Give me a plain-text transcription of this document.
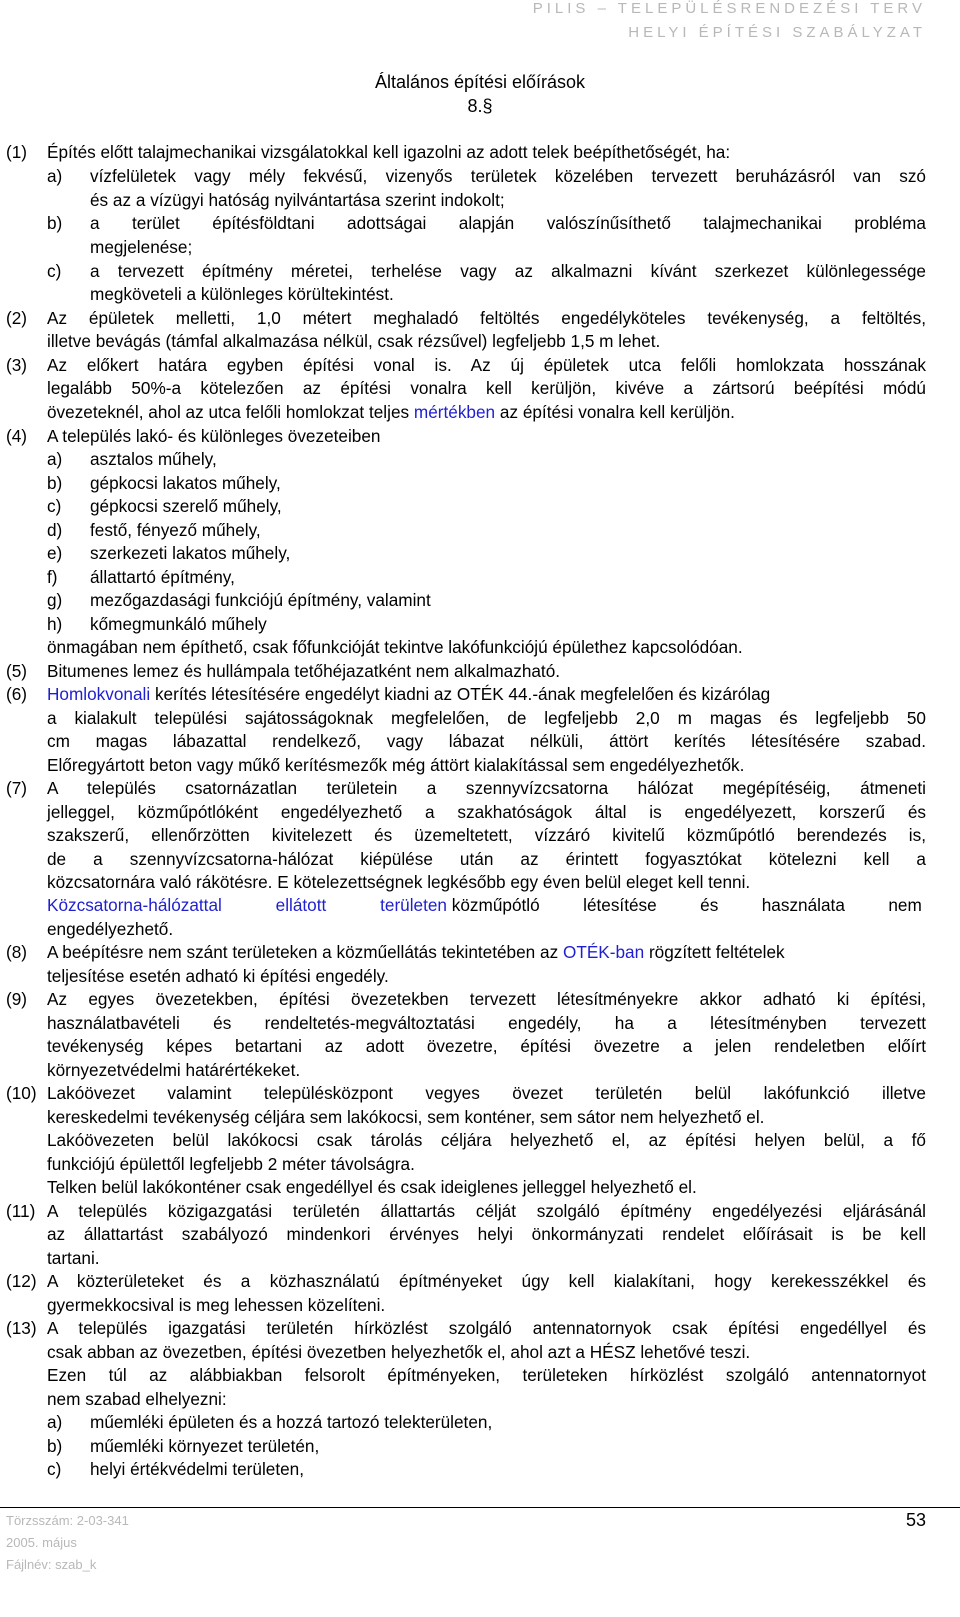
PILIS – TELEPÜLÉSRENDEZÉSI TERV
HELYI ÉPÍTÉSI SZABÁLYZAT
Általános építési előírások
8.§
(1) Építés előtt talajmechanikai vizsgálatokkal kell igazolni az adott telek beépíthetőségét, ha:
a) vízfelületek vagy mély fekvésű, vizenyős területek közelében tervezett beruházásról van szó
és az a vízügyi hatóság nyilvántartása szerint indokolt;
b) a terület építésföldtani adottságai alapján valószínűsíthető talajmechanikai probléma
megjelenése;
c) a tervezett építmény méretei, terhelése vagy az alkalmazni kívánt szerkezet különlegessége
megköveteli a különleges körültekintést.
(2) Az épületek melletti, 1,0 métert meghaladó feltöltés engedélyköteles tevékenység, a feltöltés,
illetve bevágás (támfal alkalmazása nélkül, csak rézsűvel) legfeljebb 1,5 m lehet.
(3) Az előkert határa egyben építési vonal is. Az új épületek utca felőli homlokzata hosszának
legalább 50%-a kötelezően az építési vonalra kell kerüljön, kivéve a zártsorú beépítési módú
övezeteknél, ahol az utca felőli homlokzat teljes mértékben az építési vonalra kell kerüljön.
(4) A település lakó- és különleges övezeteiben
a) asztalos műhely,
b) gépkocsi lakatos műhely,
c) gépkocsi szerelő műhely,
d) festő, fényező műhely,
e) szerkezeti lakatos műhely,
f) állattartó építmény,
g) mezőgazdasági funkciójú építmény, valamint
h) kőmegmunkáló műhely
önmagában nem építhető, csak főfunkcióját tekintve lakófunkciójú épülethez kapcsolódóan.
(5) Bitumenes lemez és hullámpala tetőhéjazatként nem alkalmazható.
(6) Homlokvonali kerítés létesítésére engedélyt kiadni az OTÉK 44.-ának megfelelően és kizárólag
a kialakult települési sajátosságoknak megfelelően, de legfeljebb 2,0 m magas és legfeljebb 50
cm magas lábazattal rendelkező, vagy lábazat nélküli, áttört kerítés létesítésére szabad.
Előregyártott beton vagy műkő kerítésmezők még áttört kialakítással sem engedélyezhetők.
(7) A település csatornázatlan területein a szennyvízcsatorna hálózat megépítéséig, átmeneti
jelleggel, közműpótlóként engedélyezhető a szakhatóságok által is engedélyezett, korszerű és
szakszerű, ellenőrzötten kivitelezett és üzemeltetett, vízzáró kivitelű közműpótló berendezés is,
de a szennyvízcsatorna-hálózat kiépülése után az érintett fogyasztókat kötelezni kell a
közcsatornára való rákötésre. E kötelezettségnek legkésőbb egy éven belül eleget kell tenni.
Közcsatorna-hálózattal ellátott területen közműpótló létesítése és használata nem
engedélyezhető.
(8) A beépítésre nem szánt területeken a közműellátás tekintetében az OTÉK-ban rögzített feltételek
teljesítése esetén adható ki építési engedély.
(9) Az egyes övezetekben, építési övezetekben tervezett létesítményekre akkor adható ki építési,
használatbavételi és rendeltetés-megváltoztatási engedély, ha a létesítményben tervezett
tevékenység képes betartani az adott övezetre, építési övezetre a jelen rendeletben előírt
környezetvédelmi határértékeket.
(10) Lakóövezet valamint településközpont vegyes övezet területén belül lakófunkció illetve
kereskedelmi tevékenység céljára sem lakókocsi, sem konténer, sem sátor nem helyezhető el.
Lakóövezeten belül lakókocsi csak tárolás céljára helyezhető el, az építési helyen belül, a fő
funkciójú épülettől legfeljebb 2 méter távolságra.
Telken belül lakókonténer csak engedéllyel és csak ideiglenes jelleggel helyezhető el.
(11) A település közigazgatási területén állattartás célját szolgáló építmény engedélyezési eljárásánál
az állattartást szabályozó mindenkori érvényes helyi önkormányzati rendelet előírásait is be kell
tartani.
(12) A közterületeket és a közhasználatú építményeket úgy kell kialakítani, hogy kerekesszékkel és
gyermekkocsival is meg lehessen közelíteni.
(13) A település igazgatási területén hírközlést szolgáló antennatornyok csak építési engedéllyel és
csak abban az övezetben, építési övezetben helyezhetők el, ahol azt a HÉSZ lehetővé teszi.
Ezen túl az alábbiakban felsorolt építményeken, területeken hírközlést szolgáló antennatornyot
nem szabad elhelyezni:
a) műemléki épületen és a hozzá tartozó telekterületen,
b) műemléki környezet területén,
c) helyi értékvédelmi területen,
Törzsszám: 2-03-341
2005. május
Fájlnév: szab_k
53
